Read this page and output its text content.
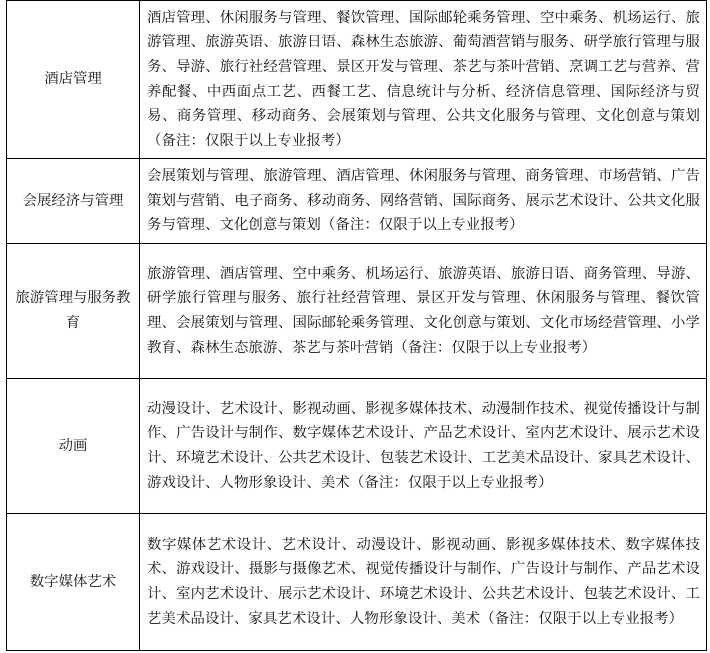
酒店管理	酒店管理、休闲服务与管理、餐饮管理、国际邮轮乘务管理、空中乘务、机场运行、旅游管理、旅游英语、旅游日语、森林生态旅游、葡萄酒营销与服务、研学旅行管理与服务、导游、旅行社经营管理、景区开发与管理、茶艺与茶叶营销、烹调工艺与营养、营养配餐、中西面点工艺、西餐工艺、信息统计与分析、经济信息管理、国际经济与贸易、商务管理、移动商务、会展策划与管理、公共文化服务与管理、文化创意与策划（备注：仅限于以上专业报考）
会展经济与管理	会展策划与管理、旅游管理、酒店管理、休闲服务与管理、商务管理、市场营销、广告策划与营销、电子商务、移动商务、网络营销、国际商务、展示艺术设计、公共文化服务与管理、文化创意与策划（备注：仅限于以上专业报考）
旅游管理与服务教育	旅游管理、酒店管理、空中乘务、机场运行、旅游英语、旅游日语、商务管理、导游、研学旅行管理与服务、旅行社经营管理、景区开发与管理、休闲服务与管理、餐饮管理、会展策划与管理、国际邮轮乘务管理、文化创意与策划、文化市场经营管理、小学教育、森林生态旅游、茶艺与茶叶营销（备注：仅限于以上专业报考）
动画	动漫设计、艺术设计、影视动画、影视多媒体技术、动漫制作技术、视觉传播设计与制作、广告设计与制作、数字媒体艺术设计、产品艺术设计、室内艺术设计、展示艺术设计、环境艺术设计、公共艺术设计、包装艺术设计、工艺美术品设计、家具艺术设计、游戏设计、人物形象设计、美术（备注：仅限于以上专业报考）
数字媒体艺术	数字媒体艺术设计、艺术设计、动漫设计、影视动画、影视多媒体技术、数字媒体技术、游戏设计、摄影与摄像艺术、视觉传播设计与制作、广告设计与制作、产品艺术设计、室内艺术设计、展示艺术设计、环境艺术设计、公共艺术设计、包装艺术设计、工艺美术品设计、家具艺术设计、人物形象设计、美术（备注：仅限于以上专业报考）
